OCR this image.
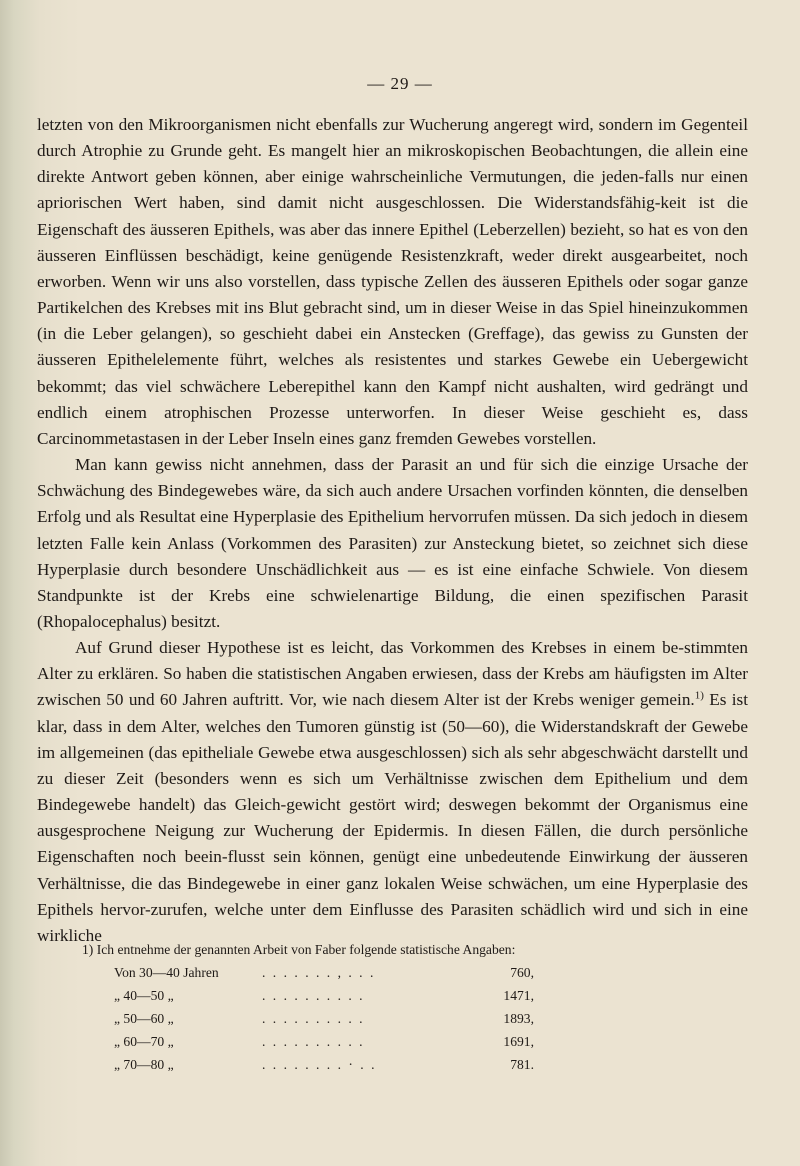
— 29 —

letzten von den Mikroorganismen nicht ebenfalls zur Wucherung angeregt wird, sondern im Gegenteil durch Atrophie zu Grunde geht. Es mangelt hier an mikroskopischen Beobachtungen, die allein eine direkte Antwort geben können, aber einige wahrscheinliche Vermutungen, die jeden-falls nur einen apriorischen Wert haben, sind damit nicht ausgeschlossen. Die Widerstandsfähig-keit ist die Eigenschaft des äusseren Epithels, was aber das innere Epithel (Leberzellen) bezieht, so hat es von den äusseren Einflüssen beschädigt, keine genügende Resistenzkraft, weder direkt ausgearbeitet, noch erworben. Wenn wir uns also vorstellen, dass typische Zellen des äusseren Epithels oder sogar ganze Partikelchen des Krebses mit ins Blut gebracht sind, um in dieser Weise in das Spiel hineinzukommen (in die Leber gelangen), so geschieht dabei ein Anstecken (Greffage), das gewiss zu Gunsten der äusseren Epithelelemente führt, welches als resistentes und starkes Gewebe ein Uebergewicht bekommt; das viel schwächere Leberepithel kann den Kampf nicht aushalten, wird gedrängt und endlich einem atrophischen Prozesse unterworfen. In dieser Weise geschieht es, dass Carcinommetastasen in der Leber Inseln eines ganz fremden Gewebes vorstellen.

Man kann gewiss nicht annehmen, dass der Parasit an und für sich die einzige Ursache der Schwächung des Bindegewebes wäre, da sich auch andere Ursachen vorfinden könnten, die denselben Erfolg und als Resultat eine Hyperplasie des Epithelium hervorrufen müssen. Da sich jedoch in diesem letzten Falle kein Anlass (Vorkommen des Parasiten) zur Ansteckung bietet, so zeichnet sich diese Hyperplasie durch besondere Unschädlichkeit aus — es ist eine einfache Schwiele. Von diesem Standpunkte ist der Krebs eine schwielenartige Bildung, die einen spezifischen Parasit (Rhopalocephalus) besitzt.

Auf Grund dieser Hypothese ist es leicht, das Vorkommen des Krebses in einem be-stimmten Alter zu erklären. So haben die statistischen Angaben erwiesen, dass der Krebs am häufigsten im Alter zwischen 50 und 60 Jahren auftritt. Vor, wie nach diesem Alter ist der Krebs weniger gemein.$^{1)}$ Es ist klar, dass in dem Alter, welches den Tumoren günstig ist (50—60), die Widerstandskraft der Gewebe im allgemeinen (das epitheliale Gewebe etwa ausgeschlossen) sich als sehr abgeschwächt darstellt und zu dieser Zeit (besonders wenn es sich um Verhältnisse zwischen dem Epithelium und dem Bindegewebe handelt) das Gleich-gewicht gestört wird; deswegen bekommt der Organismus eine ausgesprochene Neigung zur Wucherung der Epidermis. In diesen Fällen, die durch persönliche Eigenschaften noch beein-flusst sein können, genügt eine unbedeutende Einwirkung der äusseren Verhältnisse, die das Bindegewebe in einer ganz lokalen Weise schwächen, um eine Hyperplasie des Epithels hervor-zurufen, welche unter dem Einflusse des Parasiten schädlich wird und sich in eine wirkliche

1) Ich entnehme der genannten Arbeit von Faber folgende statistische Angaben:
Von 30—40 Jahren	. . . . . . . , . . .	760,
„ 40—50 „	. . . . . . . . . .	1471,
„ 50—60 „	. . . . . . . . . .	1893,
„ 60—70 „	. . . . . . . . . .	1691,
„ 70—80 „	. . . . . . . . · . .	781.
